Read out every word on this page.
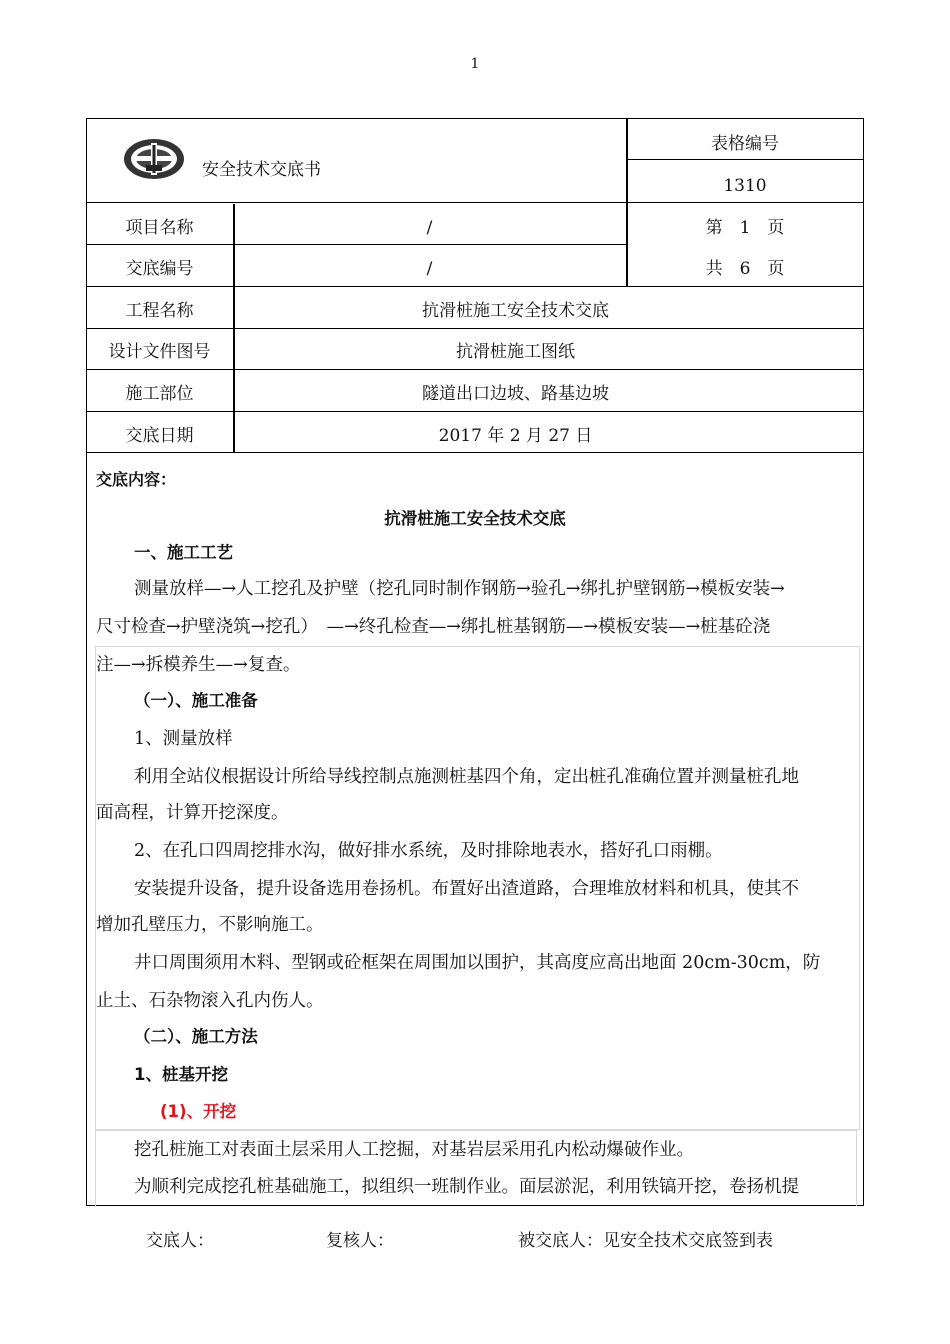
1
安全技术交底书
表格编号
1310
项目名称	/	第　1　页
交底编号	/	共　6　页
工程名称	抗滑桩施工安全技术交底
设计文件图号	抗滑桩施工图纸
施工部位	隧道出口边坡、路基边坡
交底日期	2017 年 2 月 27 日
交底内容：
抗滑桩施工安全技术交底
一、施工工艺
测量放样—→人工挖孔及护壁（挖孔同时制作钢筋→验孔→绑扎护壁钢筋→模板安装→
尺寸检查→护壁浇筑→挖孔）　—→终孔检查—→绑扎桩基钢筋—→模板安装—→桩基砼浇
注—→拆模养生—→复查。
（一）、施工准备
1、测量放样
利用全站仪根据设计所给导线控制点施测桩基四个角，定出桩孔准确位置并测量桩孔地
面高程，计算开挖深度。
2、在孔口四周挖排水沟，做好排水系统，及时排除地表水，搭好孔口雨棚。
安装提升设备，提升设备选用卷扬机。布置好出渣道路，合理堆放材料和机具，使其不
增加孔壁压力，不影响施工。
井口周围须用木料、型钢或砼框架在周围加以围护，其高度应高出地面 20cm-30cm，防
止土、石杂物滚入孔内伤人。
（二）、施工方法
1、桩基开挖
(1)、开挖
挖孔桩施工对表面土层采用人工挖掘，对基岩层采用孔内松动爆破作业。
为顺利完成挖孔桩基础施工，拟组织一班制作业。面层淤泥，利用铁镐开挖，卷扬机提
交底人：	复核人：	被交底人：见安全技术交底签到表
